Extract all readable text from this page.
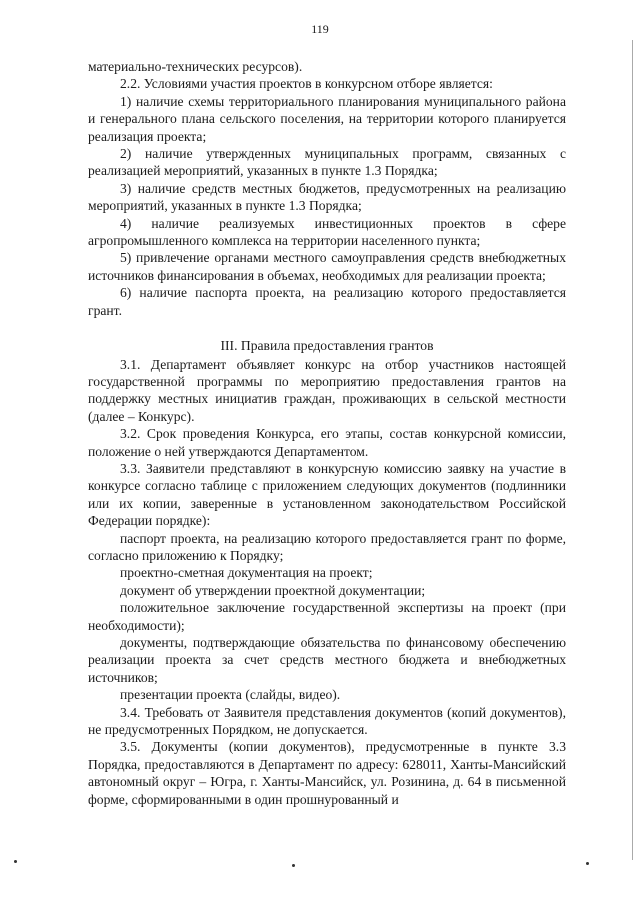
119

материально-технических ресурсов).

2.2. Условиями участия проектов в конкурсном отборе является:

1) наличие схемы территориального планирования муниципального района и генерального плана сельского поселения, на территории которого планируется реализация проекта;

2) наличие утвержденных муниципальных программ, связанных с реализацией мероприятий, указанных в пункте 1.3 Порядка;

3) наличие средств местных бюджетов, предусмотренных на реализацию мероприятий, указанных в пункте 1.3 Порядка;

4) наличие реализуемых инвестиционных проектов в сфере агропромышленного комплекса на территории населенного пункта;

5) привлечение органами местного самоуправления средств внебюджетных источников финансирования в объемах, необходимых для реализации проекта;

6) наличие паспорта проекта, на реализацию которого предоставляется грант.

III. Правила предоставления грантов

3.1. Департамент объявляет конкурс на отбор участников настоящей государственной программы по мероприятию предоставления грантов на поддержку местных инициатив граждан, проживающих в сельской местности (далее – Конкурс).

3.2. Срок проведения Конкурса, его этапы, состав конкурсной комиссии, положение о ней утверждаются Департаментом.

3.3. Заявители представляют в конкурсную комиссию заявку на участие в конкурсе согласно таблице с приложением следующих документов (подлинники или их копии, заверенные в установленном законодательством Российской Федерации порядке):

паспорт проекта, на реализацию которого предоставляется грант по форме, согласно приложению к Порядку;

проектно-сметная документация на проект;

документ об утверждении проектной документации;

положительное заключение государственной экспертизы на проект (при необходимости);

документы, подтверждающие обязательства по финансовому обеспечению реализации проекта за счет средств местного бюджета и внебюджетных источников;

презентации проекта (слайды, видео).

3.4. Требовать от Заявителя представления документов (копий документов), не предусмотренных Порядком, не допускается.

3.5. Документы (копии документов), предусмотренные в пункте 3.3 Порядка, предоставляются в Департамент по адресу: 628011, Ханты-Мансийский автономный округ – Югра, г. Ханты-Мансийск, ул. Розинина, д. 64 в письменной форме, сформированными в один прошнурованный и
